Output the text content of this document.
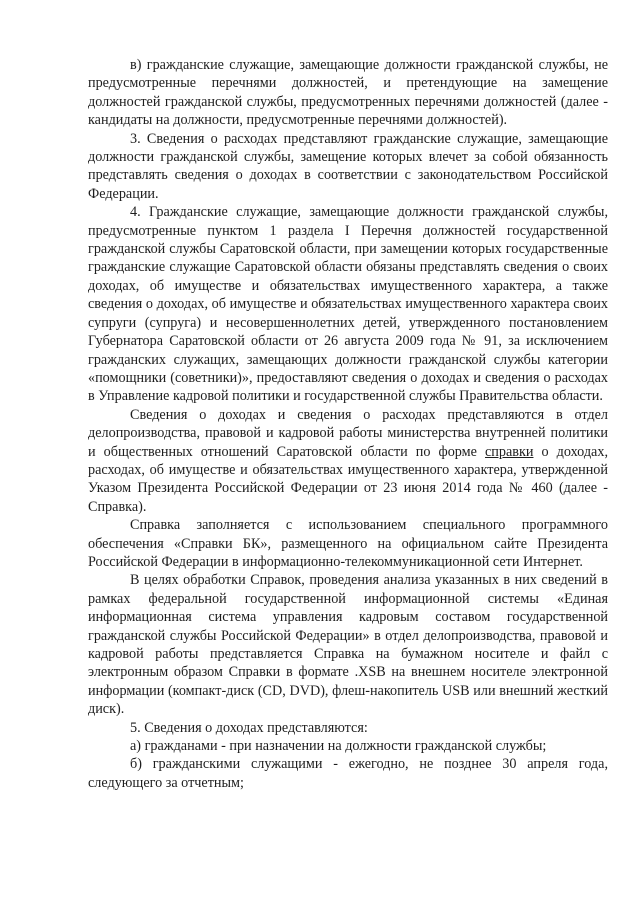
в) гражданские служащие, замещающие должности гражданской службы, не предусмотренные перечнями должностей, и претендующие на замещение должностей гражданской службы, предусмотренных перечнями должностей (далее - кандидаты на должности, предусмотренные перечнями должностей).

3. Сведения о расходах представляют гражданские служащие, замещающие должности гражданской службы, замещение которых влечет за собой обязанность представлять сведения о доходах в соответствии с законодательством Российской Федерации.

4. Гражданские служащие, замещающие должности гражданской службы, предусмотренные пунктом 1 раздела I Перечня должностей государственной гражданской службы Саратовской области, при замещении которых государственные гражданские служащие Саратовской области обязаны представлять сведения о своих доходах, об имуществе и обязательствах имущественного характера, а также сведения о доходах, об имуществе и обязательствах имущественного характера своих супруги (супруга) и несовершеннолетних детей, утвержденного постановлением Губернатора Саратовской области от 26 августа 2009 года № 91, за исключением гражданских служащих, замещающих должности гражданской службы категории «помощники (советники)», предоставляют сведения о доходах и сведения о расходах в Управление кадровой политики и государственной службы Правительства области.

Сведения о доходах и сведения о расходах представляются в отдел делопроизводства, правовой и кадровой работы министерства внутренней политики и общественных отношений Саратовской области по форме справки о доходах, расходах, об имуществе и обязательствах имущественного характера, утвержденной Указом Президента Российской Федерации от 23 июня 2014 года № 460 (далее - Справка).

Справка заполняется с использованием специального программного обеспечения «Справки БК», размещенного на официальном сайте Президента Российской Федерации в информационно-телекоммуникационной сети Интернет.

В целях обработки Справок, проведения анализа указанных в них сведений в рамках федеральной государственной информационной системы «Единая информационная система управления кадровым составом государственной гражданской службы Российской Федерации» в отдел делопроизводства, правовой и кадровой работы представляется Справка на бумажном носителе и файл с электронным образом Справки в формате .XSB на внешнем носителе электронной информации (компакт-диск (CD, DVD), флеш-накопитель USB или внешний жесткий диск).

5. Сведения о доходах представляются:

а) гражданами - при назначении на должности гражданской службы;

б) гражданскими служащими - ежегодно, не позднее 30 апреля года, следующего за отчетным;
